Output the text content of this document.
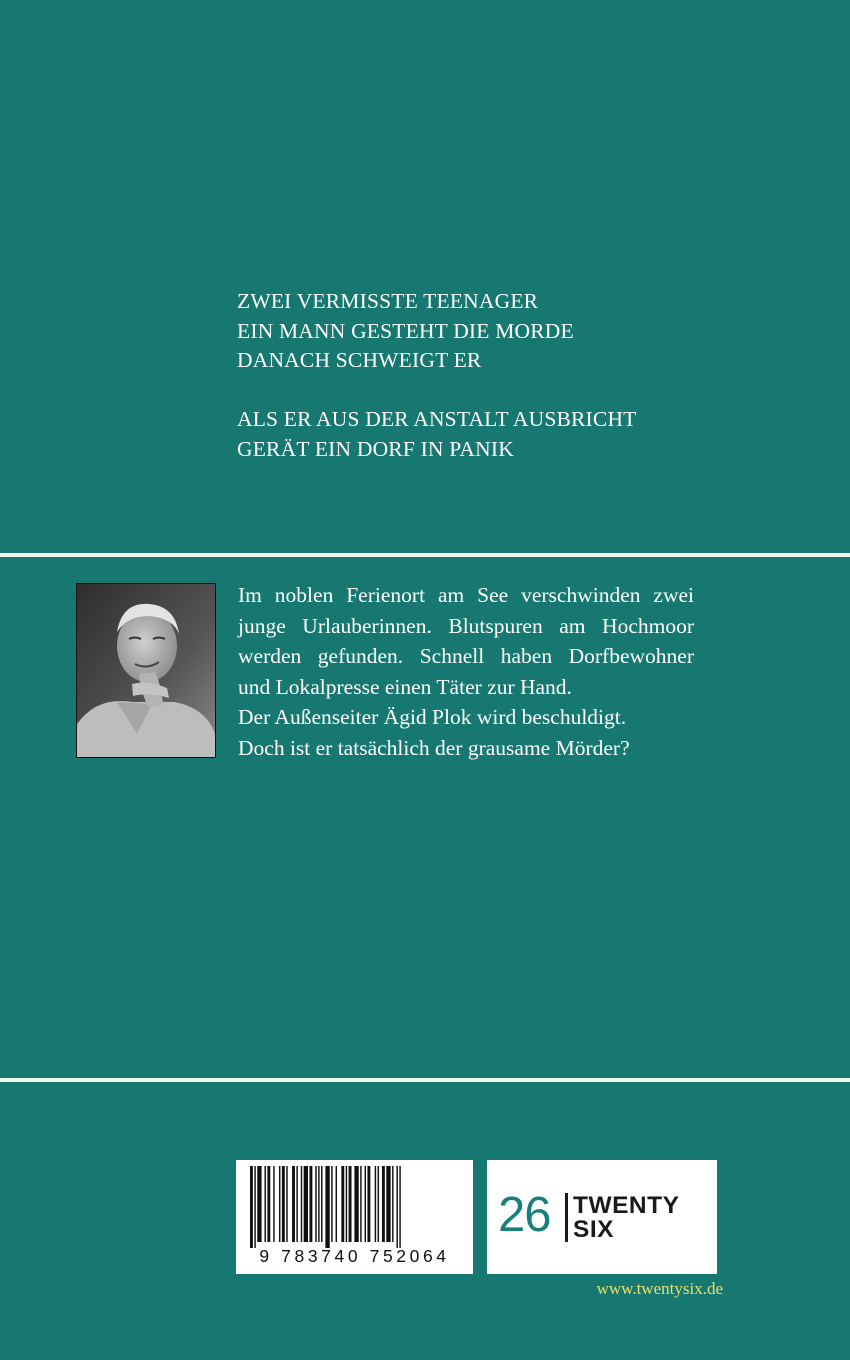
ZWEI VERMISSTE TEENAGER
EIN MANN GESTEHT DIE MORDE
DANACH SCHWEIGT ER
ALS ER AUS DER ANSTALT AUSBRICHT
GERÄT EIN DORF IN PANIK
Im noblen Ferienort am See verschwinden zwei
junge Urlauberinnen. Blutspuren am Hochmoor
werden gefunden. Schnell haben Dorfbewohner
und Lokalpresse einen Täter zur Hand.
Der Außenseiter Ägid Plok wird beschuldigt.
Doch ist er tatsächlich der grausame Mörder?
9 783740 752064
26 TWENTY
SIX
www.twentysix.de
